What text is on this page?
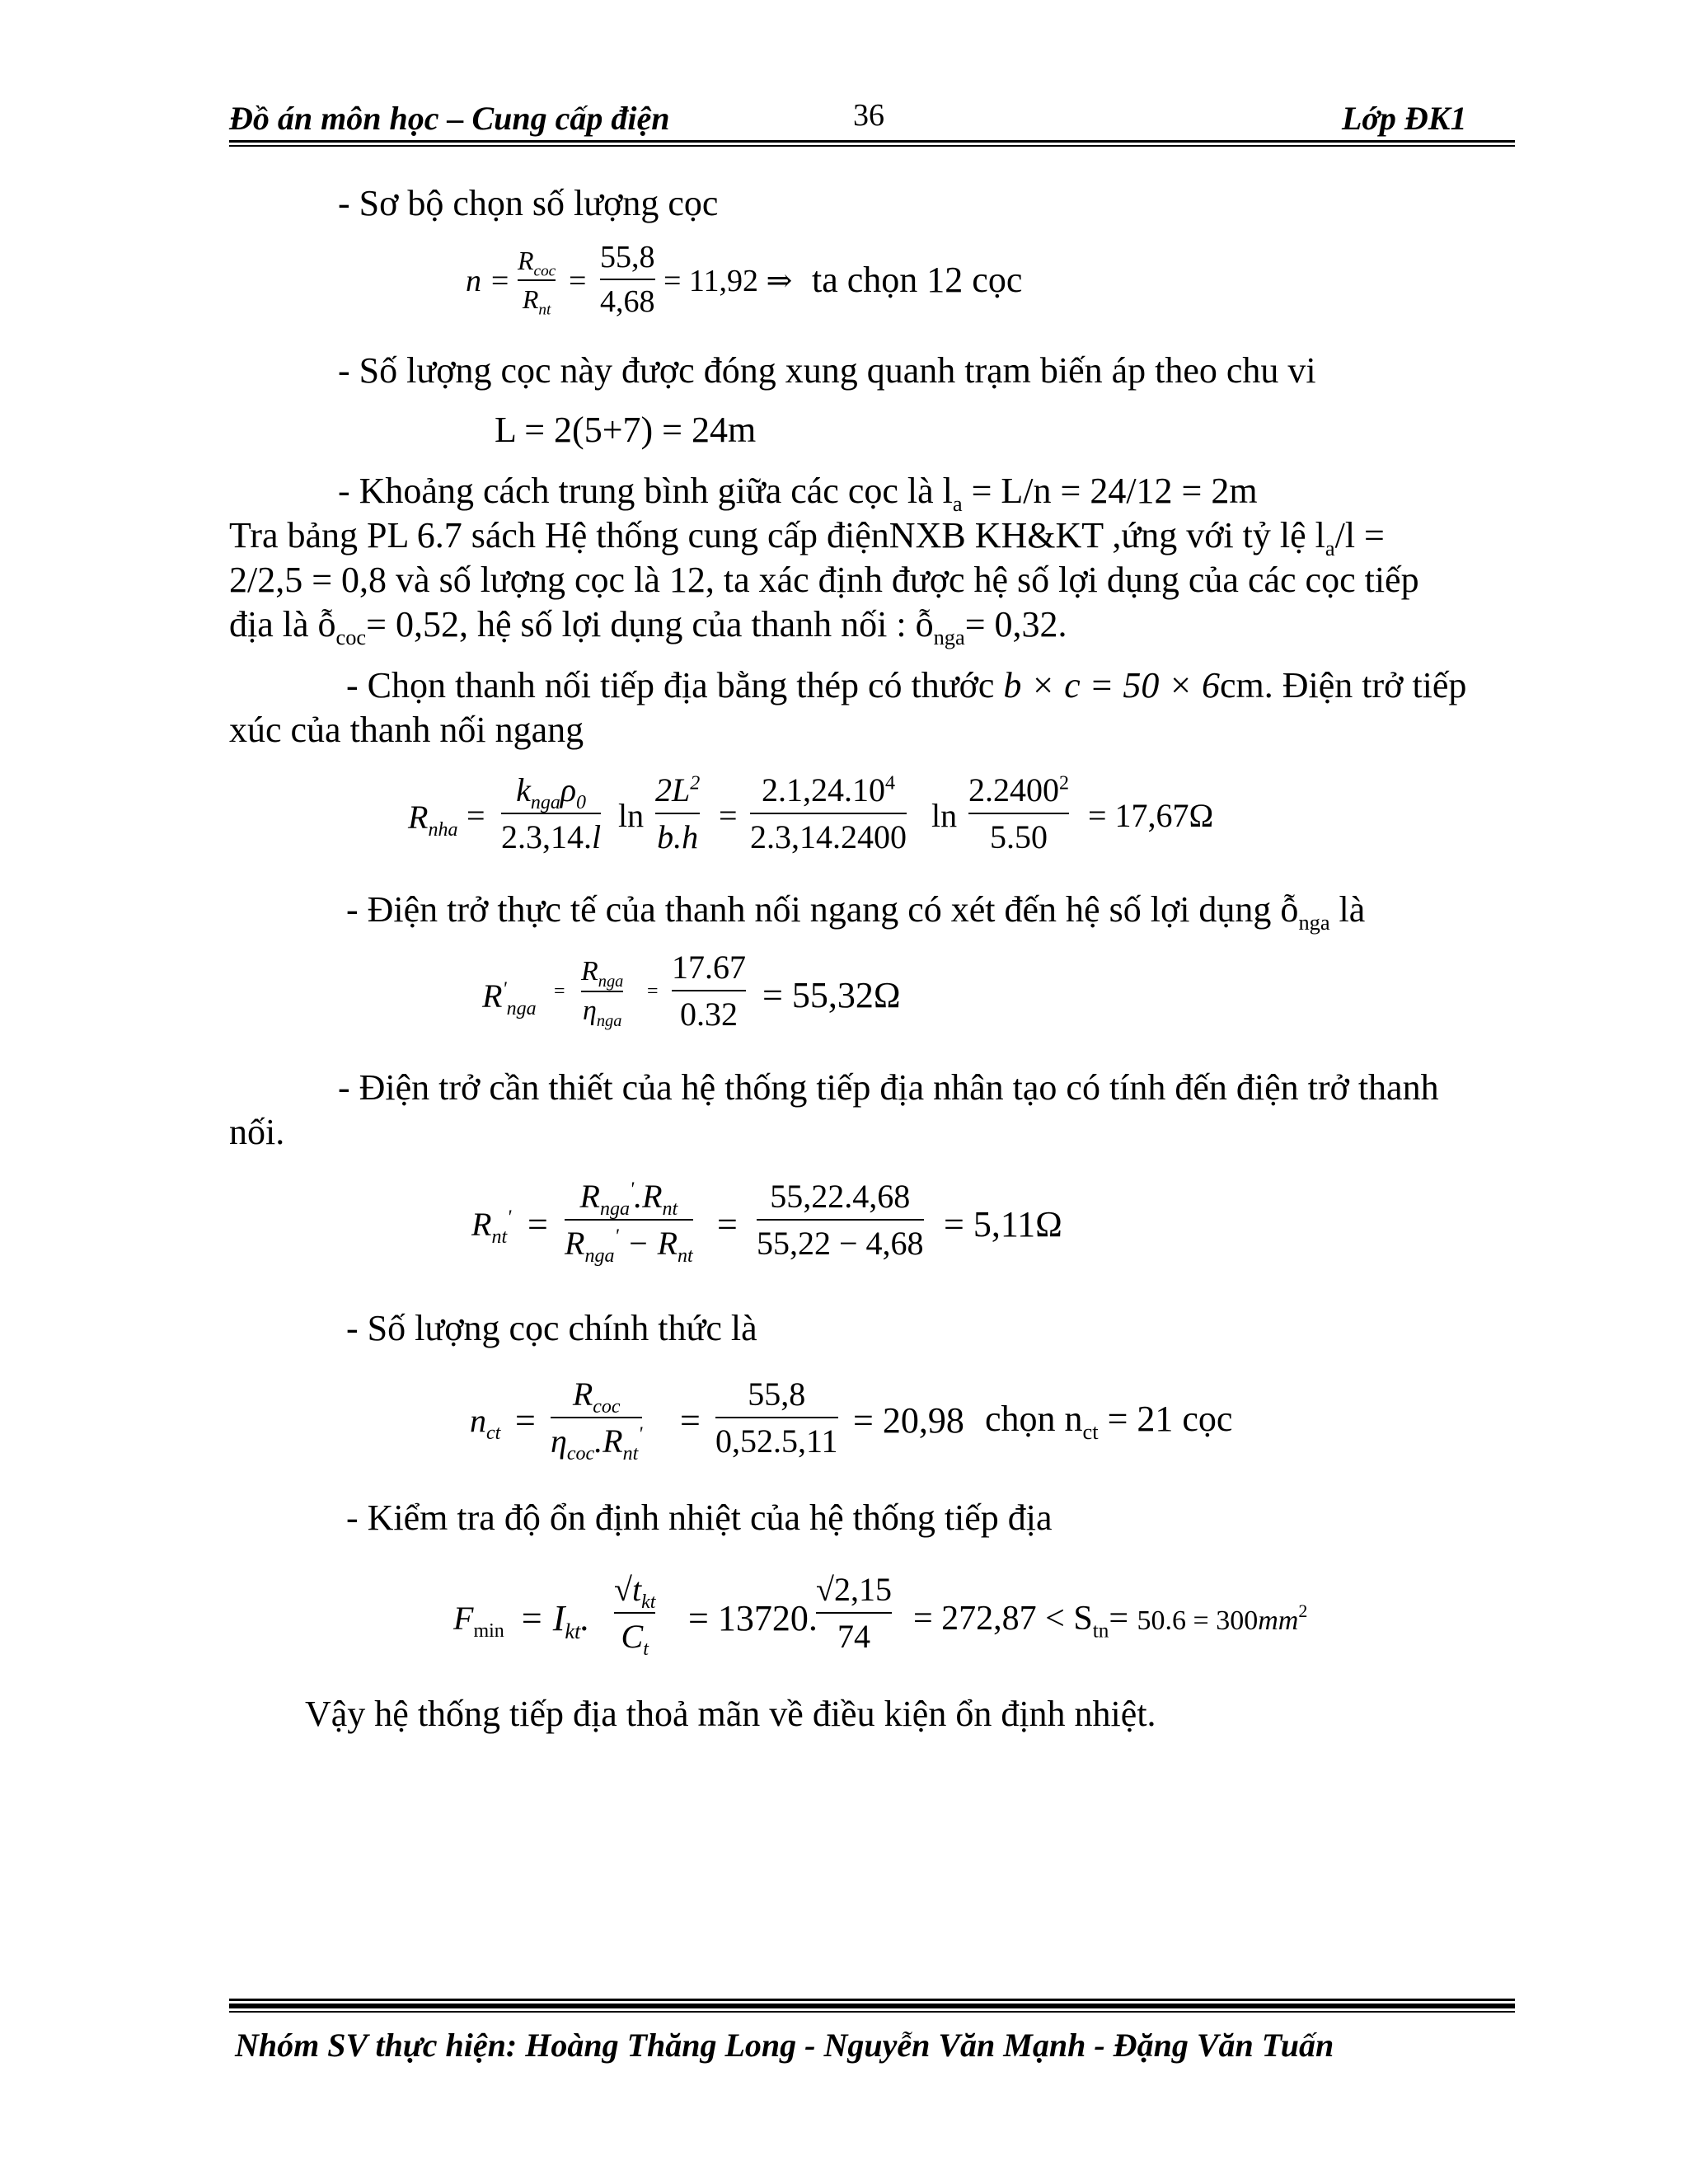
Đồ án môn học – Cung cấp điện	36	Lớp ĐK1
- Sơ bộ chọn số lượng cọc
n =
$R_{coc}$
$R_{nt}$
=
55,8
4,68
= 11,92 ⇒ ta chọn 12 cọc
- Số lượng cọc này được đóng xung quanh trạm biến áp theo chu vi
L = 2(5+7) = 24m
- Khoảng cách trung bình giữa các cọc là $l_a = L/n = 24/12 = 2m$
Tra bảng PL 6.7 sách Hệ thống cung cấp điệnNXB KH&KT ,ứng với tỷ lệ $l_a/l$ =
2/2,5 = 0,8 và số lượng cọc là 12, ta xác định được hệ số lợi dụng của các cọc tiếp
địa là ỗ$_{coc}$= 0,52, hệ số lợi dụng của thanh nối : ỗ$_{nga}$= 0,32.
- Chọn thanh nối tiếp địa bằng thép có thước b × c = 50 × 6cm. Điện trở tiếp
xúc của thanh nối ngang
$R_{nha}$ =
$k_{nga}\rho_0$
2.3,14.l
ln
$2L^2$
b.h
=
$2.1,24.10^4$
2.3,14.2400
ln
2.2400$^2$
5.50
= 17,67Ω
- Điện trở thực tế của thanh nối ngang có xét đến hệ số lợi dụng ỗ$_{nga}$ là
$R'_{nga}$
=
$R_{nga}$
$\eta_{nga}$
=
17.67
0.32 = 55,32Ω
- Điện trở cần thiết của hệ thống tiếp địa nhân tạo có tính đến điện trở thanh
nối.
$R_{nt}'$ =
$R_{nga}'.R_{nt}$
$R_{nga}' - R_{nt}$
=
55,22.4,68
55,22 − 4,68 = 5,11Ω
- Số lượng cọc chính thức là
$n_{ct}$ =
$R_{coc}$
$\eta_{coc}.R_{nt}'$ =
55,8
0,52.5,11
= 20,98 chọn $n_{ct} = 21$ cọc
- Kiểm tra độ ổn định nhiệt của hệ thống tiếp địa
$F_{min} = I_{kt}$.
$√t_{kt}$
$C_t$
= 13720.
√2,15
$74 = 272,87 < S_{tn}= 50.6 = 300mm^2$
Vậy hệ thống tiếp địa thoả mãn về điều kiện ổn định nhiệt.
Nhóm SV thực hiện: Hoàng Thăng Long - Nguyễn Văn Mạnh - Đặng Văn Tuấn
